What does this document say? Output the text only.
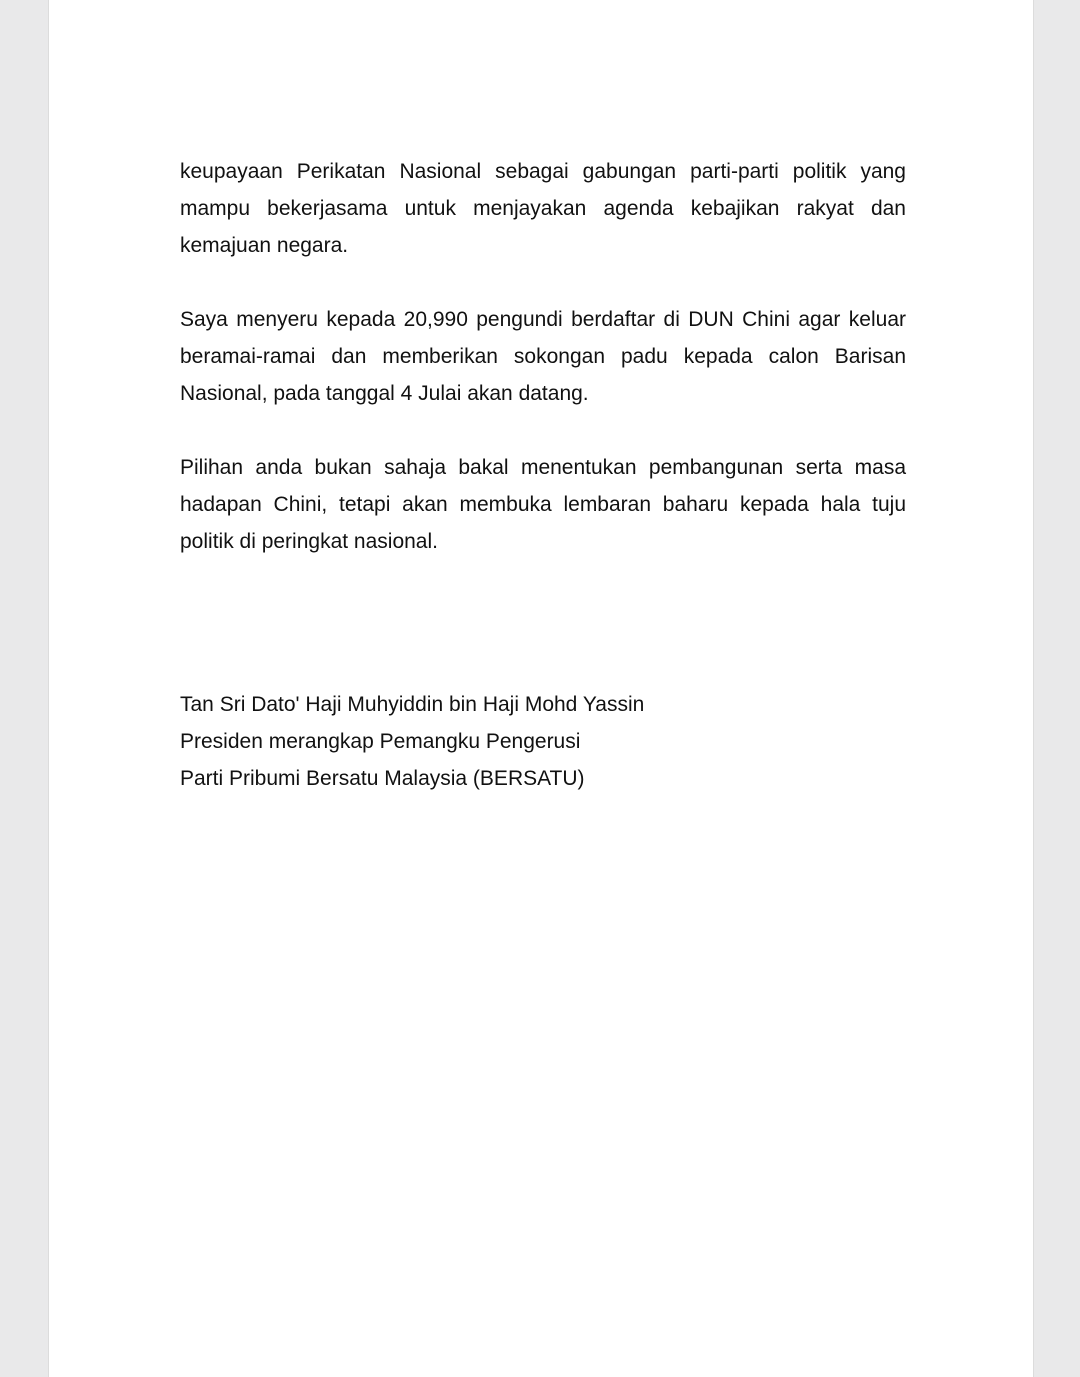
keupayaan Perikatan Nasional sebagai gabungan parti-parti politik yang mampu bekerjasama untuk menjayakan agenda kebajikan rakyat dan kemajuan negara.

Saya menyeru kepada 20,990 pengundi berdaftar di DUN Chini agar keluar beramai-ramai dan memberikan sokongan padu kepada calon Barisan Nasional, pada tanggal 4 Julai akan datang.

Pilihan anda bukan sahaja bakal menentukan pembangunan serta masa hadapan Chini, tetapi akan membuka lembaran baharu kepada hala tuju politik di peringkat nasional.

Tan Sri Dato' Haji Muhyiddin bin Haji Mohd Yassin
Presiden merangkap Pemangku Pengerusi
Parti Pribumi Bersatu Malaysia (BERSATU)
